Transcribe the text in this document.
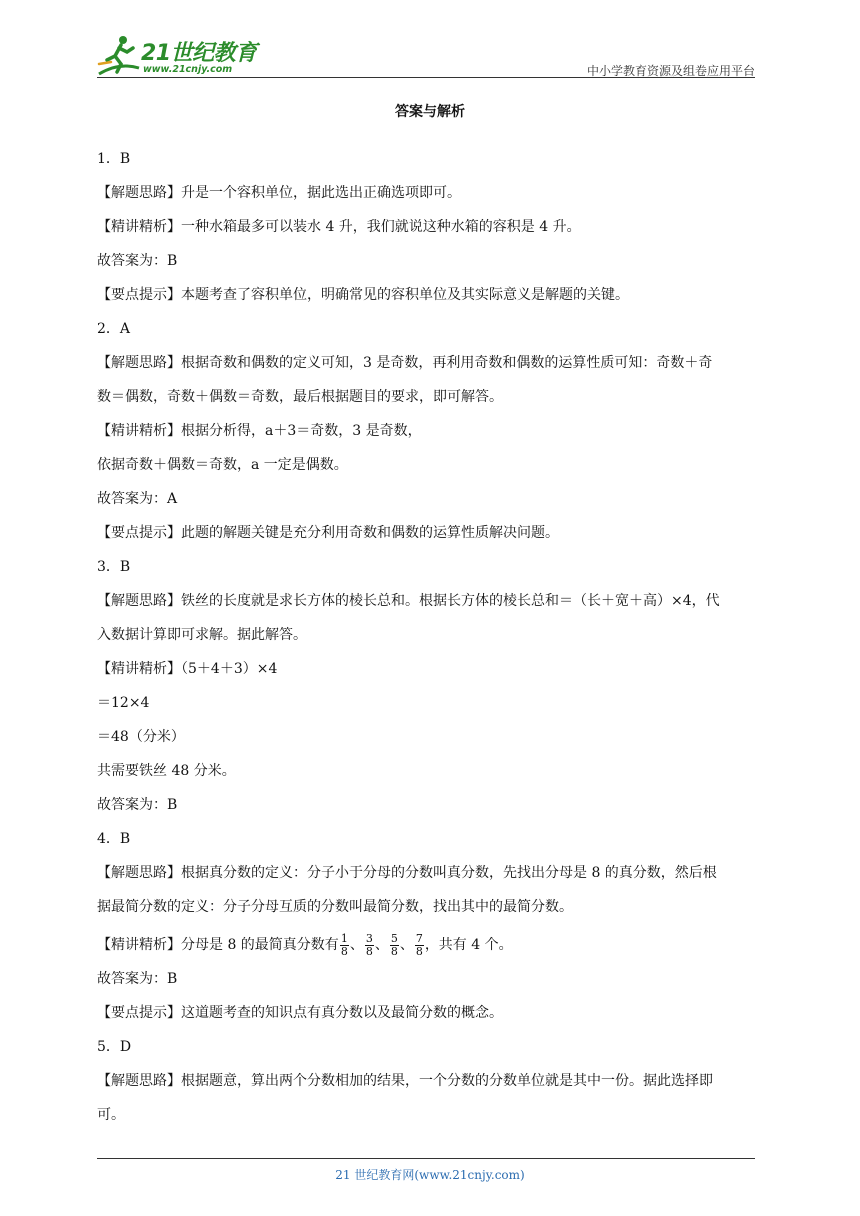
21世纪教育
www.21cnjy.com	中小学教育资源及组卷应用平台
答案与解析
1．B
【解题思路】升是一个容积单位，据此选出正确选项即可。
【精讲精析】一种水箱最多可以装水 4 升，我们就说这种水箱的容积是 4 升。
故答案为：B
【要点提示】本题考查了容积单位，明确常见的容积单位及其实际意义是解题的关键。
2．A
【解题思路】根据奇数和偶数的定义可知，3 是奇数，再利用奇数和偶数的运算性质可知：奇数＋奇
数＝偶数，奇数＋偶数＝奇数，最后根据题目的要求，即可解答。
【精讲精析】根据分析得，a＋3＝奇数，3 是奇数，
依据奇数＋偶数＝奇数，a 一定是偶数。
故答案为：A
【要点提示】此题的解题关键是充分利用奇数和偶数的运算性质解决问题。
3．B
【解题思路】铁丝的长度就是求长方体的棱长总和。根据长方体的棱长总和＝（长＋宽＋高）×4，代
入数据计算即可求解。据此解答。
【精讲精析】（5＋4＋3）×4
＝12×4
＝48（分米）
共需要铁丝 48 分米。
故答案为：B
4．B
【解题思路】根据真分数的定义：分子小于分母的分数叫真分数，先找出分母是 8 的真分数，然后根
据最简分数的定义：分子分母互质的分数叫最简分数，找出其中的最简分数。
【精讲精析】分母是 8 的最简真分数有 $\frac{1}{8}$ 、 $\frac{3}{8}$ 、 $\frac{5}{8}$ 、 $\frac{7}{8}$ ，共有 4 个。
故答案为：B
【要点提示】这道题考查的知识点有真分数以及最简分数的概念。
5．D
【解题思路】根据题意，算出两个分数相加的结果，一个分数的分数单位就是其中一份。据此选择即
可。
21 世纪教育网(www.21cnjy.com)
